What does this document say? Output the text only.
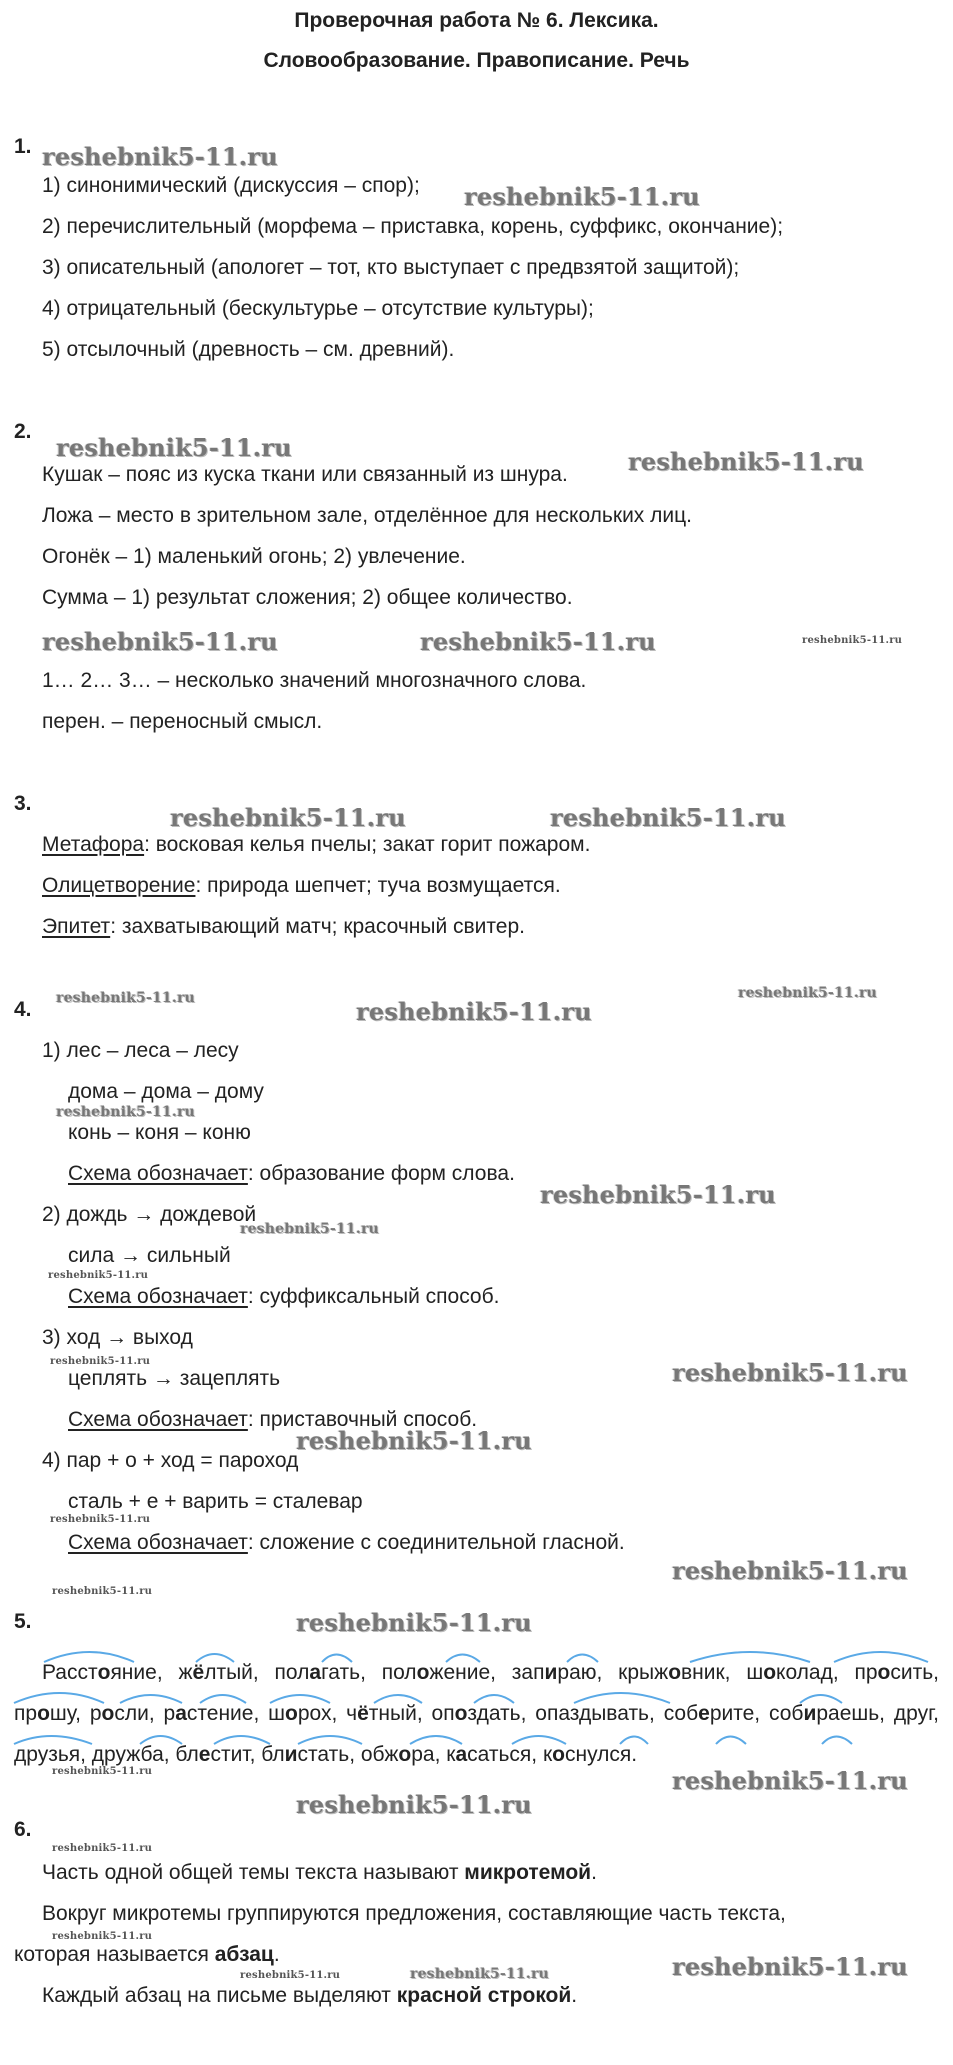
Проверочная работа № 6. Лексика.
Словообразование. Правописание. Речь
1.
1) синонимический (дискуссия – спор);
2) перечислительный (морфема – приставка, корень, суффикс, окончание);
3) описательный (апологет – тот, кто выступает с предвзятой защитой);
4) отрицательный (бескультурье – отсутствие культуры);
5) отсылочный (древность – см. древний).
2.
Кушак – пояс из куска ткани или связанный из шнура.
Ложа – место в зрительном зале, отделённое для нескольких лиц.
Огонёк – 1) маленький огонь; 2) увлечение.
Сумма – 1) результат сложения; 2) общее количество.
1… 2… 3… – несколько значений многозначного слова.
перен. – переносный смысл.
3.
Метафора: восковая келья пчелы; закат горит пожаром.
Олицетворение: природа шепчет; туча возмущается.
Эпитет: захватывающий матч; красочный свитер.
4.
1) лес – леса – лесу
дома – дома – дому
конь – коня – коню
Схема обозначает: образование форм слова.
2) дождь → дождевой
сила → сильный
Схема обозначает: суффиксальный способ.
3) ход → выход
цеплять → зацеплять
Схема обозначает: приставочный способ.
4) пар + о + ход = пароход
сталь + е + варить = сталевар
Схема обозначает: сложение с соединительной гласной.
5.
Расстояние, жёлтый, полагать, положение, запираю, крыжовник, шоколад, просить, прошу, росли, растение, шорох, чётный, опоздать, опаздывать, соберите, собираешь, друг, друзья, дружба, блестит, блистать, обжора, касаться, коснулся.
6.
Часть одной общей темы текста называют микротемой.
Вокруг микротемы группируются предложения, составляющие часть текста,
которая называется абзац.
Каждый абзац на письме выделяют красной строкой.
reshebnik5-11.ru
reshebnik5-11.ru
reshebnik5-11.ru	reshebnik5-11.ru
reshebnik5-11.ru	reshebnik5-11.ru	reshebnik5-11.ru
reshebnik5-11.ru	reshebnik5-11.ru
reshebnik5-11.ru	reshebnik5-11.ru
reshebnik5-11.ru
reshebnik5-11.ru
reshebnik5-11.ru
reshebnik5-11.ru
reshebnik5-11.ru
reshebnik5-11.ru	reshebnik5-11.ru
reshebnik5-11.ru
reshebnik5-11.ru
reshebnik5-11.ru
reshebnik5-11.ru
reshebnik5-11.ru
reshebnik5-11.ru	reshebnik5-11.ru
reshebnik5-11.ru
reshebnik5-11.ru
reshebnik5-11.ru
reshebnik5-11.ru	reshebnik5-11.ru	reshebnik5-11.ru
